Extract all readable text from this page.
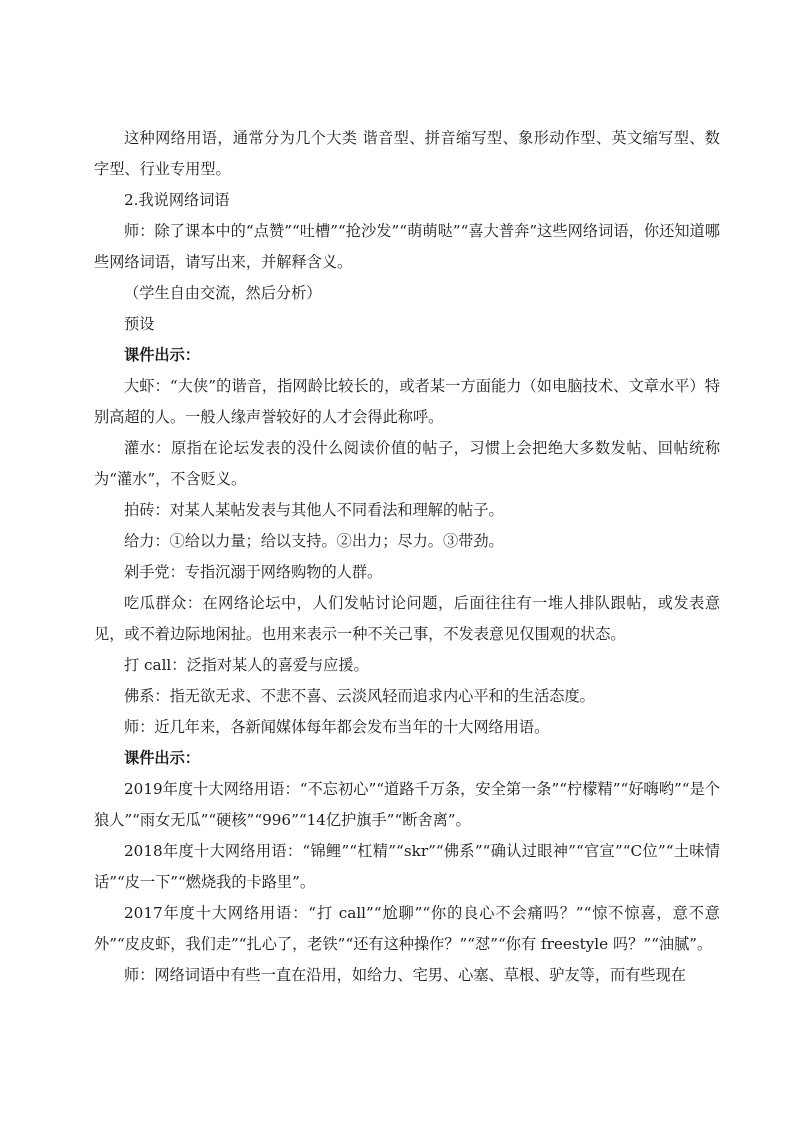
这种网络用语，通常分为几个大类 谐音型、拼音缩写型、象形动作型、英文缩写型、数字型、行业专用型。

2.我说网络词语

师：除了课本中的“点赞”“吐槽”“抢沙发”“萌萌哒”“喜大普奔”这些网络词语，你还知道哪些网络词语，请写出来，并解释含义。

（学生自由交流，然后分析）

预设

课件出示：

大虾：“大侠”的谐音，指网龄比较长的，或者某一方面能力（如电脑技术、文章水平）特别高超的人。一般人缘声誉较好的人才会得此称呼。

灌水：原指在论坛发表的没什么阅读价值的帖子，习惯上会把绝大多数发帖、回帖统称为“灌水”，不含贬义。

拍砖：对某人某帖发表与其他人不同看法和理解的帖子。

给力：①给以力量；给以支持。②出力；尽力。③带劲。

剁手党：专指沉溺于网络购物的人群。

吃瓜群众：在网络论坛中，人们发帖讨论问题，后面往往有一堆人排队跟帖，或发表意见，或不着边际地闲扯。也用来表示一种不关己事，不发表意见仅围观的状态。

打 call：泛指对某人的喜爱与应援。

佛系：指无欲无求、不悲不喜、云淡风轻而追求内心平和的生活态度。

师：近几年来，各新闻媒体每年都会发布当年的十大网络用语。

课件出示：

2019年度十大网络用语：“不忘初心”“道路千万条，安全第一条”“柠檬精”“好嗨哟”“是个狼人”“雨女无瓜”“硬核”“996”“14亿护旗手”“断舍离”。

2018年度十大网络用语：“锦鲤”“杠精”“skr”“佛系”“确认过眼神”“官宣”“C位”“土味情话”“皮一下”“燃烧我的卡路里”。

2017年度十大网络用语：“打 call”“尬聊”“你的良心不会痛吗？”“惊不惊喜，意不意外”“皮皮虾，我们走”“扎心了，老铁”“还有这种操作？”“怼”“你有 freestyle 吗？”“油腻”。

师：网络词语中有些一直在沿用，如给力、宅男、心塞、草根、驴友等，而有些现在
